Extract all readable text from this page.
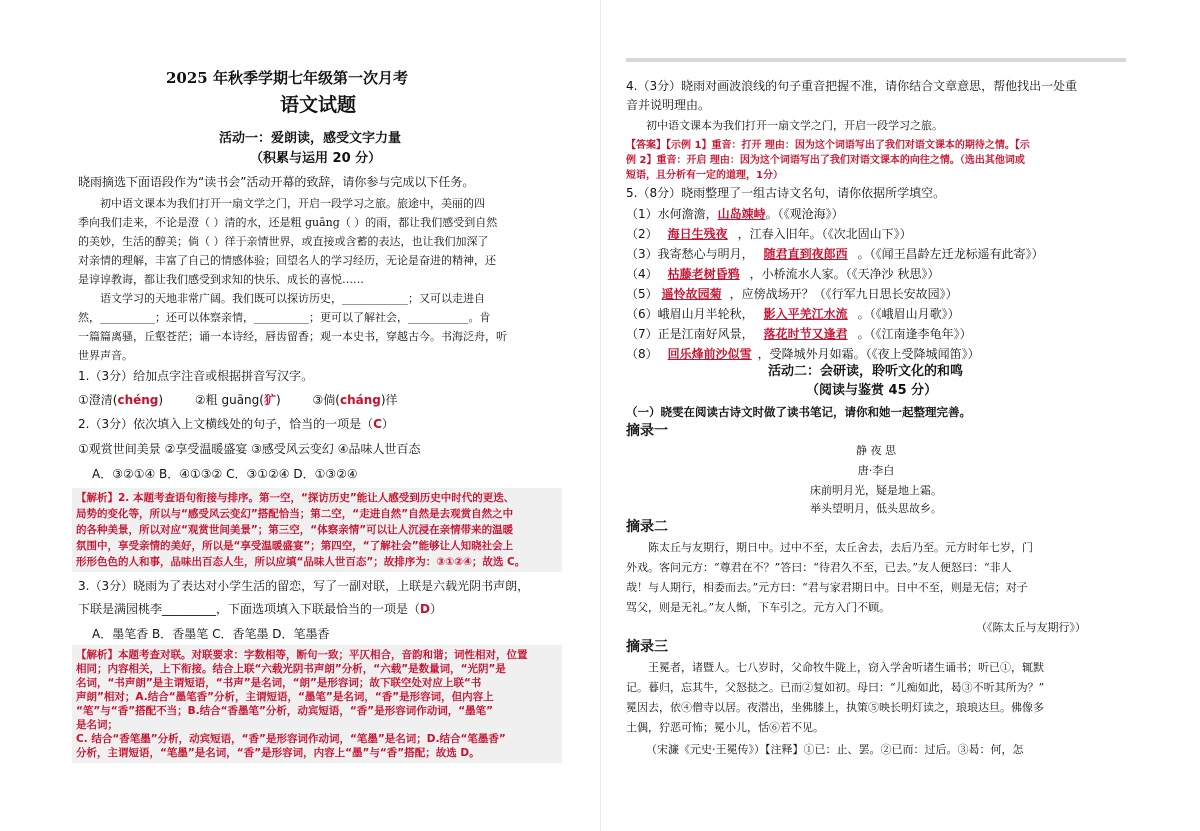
2025 年秋季学期七年级第一次月考
语文试题
活动一：爱朗读，感受文字力量
（积累与运用 20 分）
晓雨摘选下面语段作为“读书会”活动开幕的致辞，请你参与完成以下任务。
初中语文课本为我们打开一扇文学之门，开启一段学习之旅。旅途中，美丽的四
季向我们走来，不论是澄（ ）清的水，还是粗 guāng（ ）的雨，都让我们感受到自然
的美妙，生活的醇美；倘（ ）徉于亲情世界，或直接或含蓄的表达，也让我们加深了
对亲情的理解，丰富了自己的情感体验；回望名人的学习经历，无论是奋进的精神，还
是谆谆教诲，都让我们感受到求知的快乐、成长的喜悦……
语文学习的天地非常广阔。我们既可以探访历史，____________；又可以走进自
然，__________；还可以体察亲情，__________；更可以了解社会，___________。肯
一篇篇离骚，丘壑苍茫；诵一本诗经，唇齿留香；观一本史书，穿越古今。书海泛舟，听
世界声音。
1.（3分）给加点字注音或根据拼音写汉字。
①澄清(chéng)	②粗 guāng(犷)	③倘(cháng)徉
2.（3分）依次填入上文横线处的句子，恰当的一项是（C）
①观赏世间美景 ②享受温暖盛宴 ③感受风云变幻 ④品味人世百态
A．③②①④ B．④①③② C．③①②④ D．①③②④
【解析】2. 本题考查语句衔接与排序。第一空，“探访历史”能让人感受到历史中时代的更迭、
局势的变化等，所以与“感受风云变幻”搭配恰当；第二空，“走进自然”自然是去观赏自然之中
的各种美景，所以对应“观赏世间美景”；第三空，“体察亲情”可以让人沉浸在亲情带来的温暖
氛围中，享受亲情的美好，所以是“享受温暖盛宴”；第四空，“了解社会”能够让人知晓社会上
形形色色的人和事，品味出百态人生，所以应填“品味人世百态”；故排序为：③①②④；故选 C。
3.（3分）晓雨为了表达对小学生活的留恋，写了一副对联，上联是六载光阴书声朗，
下联是满园桃李_________，下面选项填入下联最恰当的一项是（D）
A．墨笔香 B．香墨笔 C．香笔墨 D．笔墨香
【解析】本题考查对联。对联要求：字数相等，断句一致；平仄相合，音韵和谐；词性相对，位置
相同；内容相关，上下衔接。结合上联“六载光阴书声朗”分析，“六载”是数量词，“光阴”是
名词，“书声朗”是主谓短语，“书声”是名词，“朗”是形容词；故下联空处对应上联“书
声朗”相对；A.结合“墨笔香”分析，主谓短语，“墨笔”是名词，“香”是形容词，但内容上
“笔”与“香”搭配不当；B.结合“香墨笔”分析，动宾短语，“香”是形容词作动词，“墨笔”
是名词；
C. 结合“香笔墨”分析，动宾短语，“香”是形容词作动词，“笔墨”是名词；D.结合“笔墨香”
分析，主谓短语，“笔墨”是名词，“香”是形容词，内容上“墨”与“香”搭配；故选 D。
4.（3分）晓雨对画波浪线的句子重音把握不准，请你结合文章意思，帮他找出一处重
音并说明理由。
初中语文课本为我们打开一扇文学之门，开启一段学习之旅。
【答案】【示例 1】重音：打开 理由：因为这个词语写出了我们对语文课本的期待之情。【示
例 2】重音：开启 理由：因为这个词语写出了我们对语文课本的向往之情。（选出其他词或
短语，且分析有一定的道理，1分）
5.（8分）晓雨整理了一组古诗文名句，请你依据所学填空。
（1）水何澹澹，山岛竦峙。（《观沧海》）
（2） 海日生残夜 ，江春入旧年。（《次北固山下》）
（3）我寄愁心与明月， 随君直到夜郎西 。（《闻王昌龄左迁龙标遥有此寄》）
（4） 枯藤老树昏鸦 ，小桥流水人家。（《天净沙 秋思》）
（5） 遥怜故园菊 ，应傍战场开？（《行军九日思长安故园》）
（6）峨眉山月半轮秋， 影入平羌江水流 。（《峨眉山月歌》）
（7）正是江南好风景， 落花时节又逢君 。（《江南逢李龟年》）
（8） 回乐烽前沙似雪 ，受降城外月如霜。（《夜上受降城闻笛》）
活动二：会研读，聆听文化的和鸣
（阅读与鉴赏 45 分）
（一）晓雯在阅读古诗文时做了读书笔记，请你和她一起整理完善。
摘录一
静 夜 思
唐·李白
床前明月光，疑是地上霜。
举头望明月，低头思故乡。
摘录二
陈太丘与友期行，期日中。过中不至，太丘舍去，去后乃至。元方时年七岁，门
外戏。客问元方：“尊君在不？”答曰：“待君久不至，已去。”友人便怒曰：“非人
哉！与人期行，相委而去。”元方曰：“君与家君期日中。日中不至，则是无信；对子
骂父，则是无礼。”友人惭，下车引之。元方入门不顾。
（《陈太丘与友期行》）
摘录三
王冕者，诸暨人。七八岁时，父命牧牛陇上，窃入学舍听诸生诵书；听已①，辄默
记。暮归，忘其牛，父怒挞之。已而②复如初。母曰：“儿痴如此，曷③不听其所为？”
冕因去，依④僧寺以居。夜潜出，坐佛膝上，执策⑤映长明灯读之，琅琅达旦。佛像多
土偶，狞恶可怖；冕小儿，恬⑥若不见。
（宋濂《元史·王冕传》）【注释】①已：止、罢。②已而：过后。③曷：何，怎
